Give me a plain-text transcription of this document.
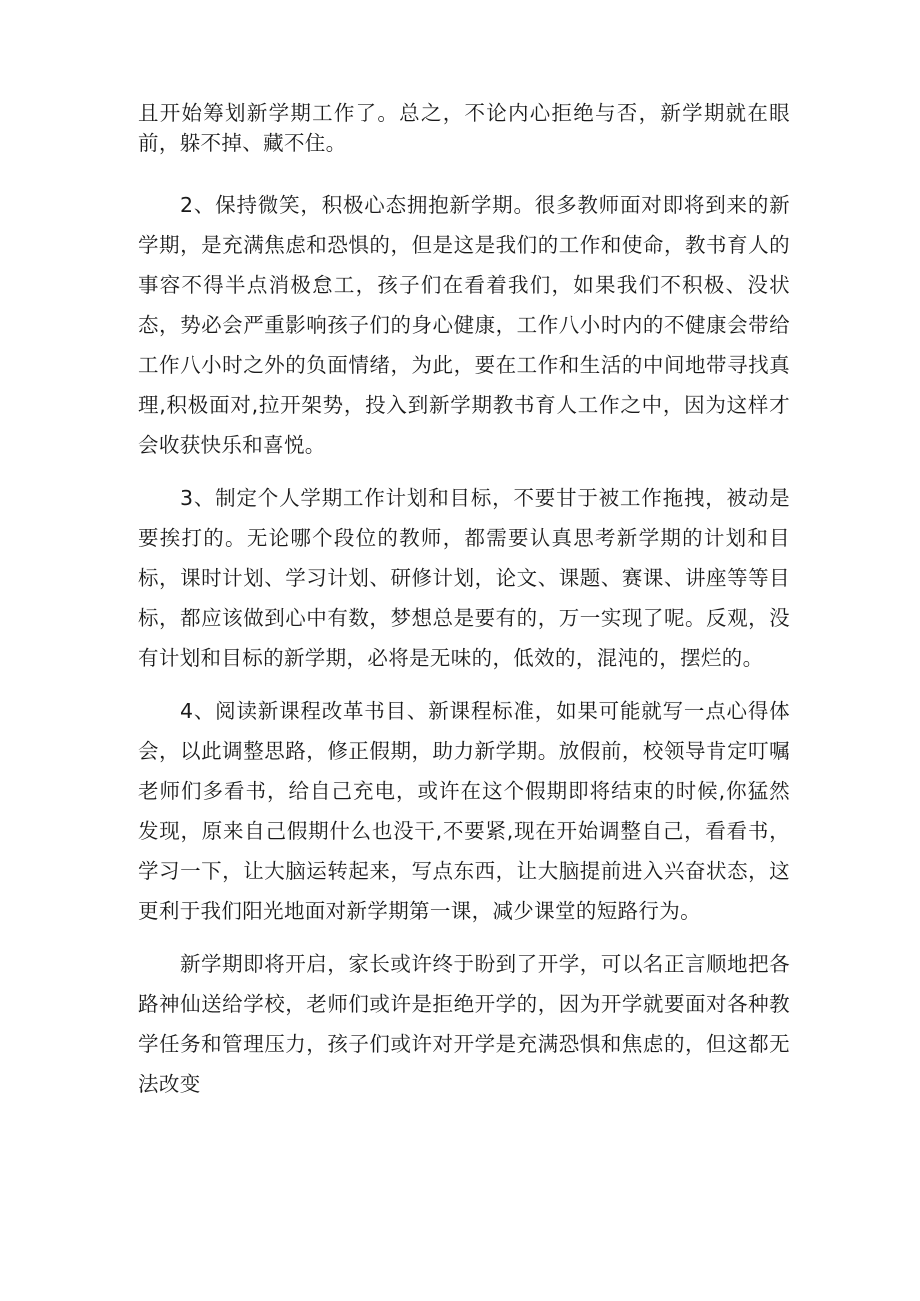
且开始筹划新学期工作了。总之，不论内心拒绝与否，新学期就在眼前，躲不掉、藏不住。

2、保持微笑，积极心态拥抱新学期。很多教师面对即将到来的新学期，是充满焦虑和恐惧的，但是这是我们的工作和使命，教书育人的事容不得半点消极怠工，孩子们在看着我们，如果我们不积极、没状态，势必会严重影响孩子们的身心健康，工作八小时内的不健康会带给工作八小时之外的负面情绪，为此，要在工作和生活的中间地带寻找真理,积极面对,拉开架势，投入到新学期教书育人工作之中，因为这样才会收获快乐和喜悦。

3、制定个人学期工作计划和目标，不要甘于被工作拖拽，被动是要挨打的。无论哪个段位的教师，都需要认真思考新学期的计划和目标，课时计划、学习计划、研修计划，论文、课题、赛课、讲座等等目标，都应该做到心中有数，梦想总是要有的，万一实现了呢。反观，没有计划和目标的新学期，必将是无味的，低效的，混沌的，摆烂的。

4、阅读新课程改革书目、新课程标准，如果可能就写一点心得体会，以此调整思路，修正假期，助力新学期。放假前，校领导肯定叮嘱老师们多看书，给自己充电，或许在这个假期即将结束的时候,你猛然发现，原来自己假期什么也没干,不要紧,现在开始调整自己，看看书，学习一下，让大脑运转起来，写点东西，让大脑提前进入兴奋状态，这更利于我们阳光地面对新学期第一课，减少课堂的短路行为。

新学期即将开启，家长或许终于盼到了开学，可以名正言顺地把各路神仙送给学校，老师们或许是拒绝开学的，因为开学就要面对各种教学任务和管理压力，孩子们或许对开学是充满恐惧和焦虑的，但这都无法改变
